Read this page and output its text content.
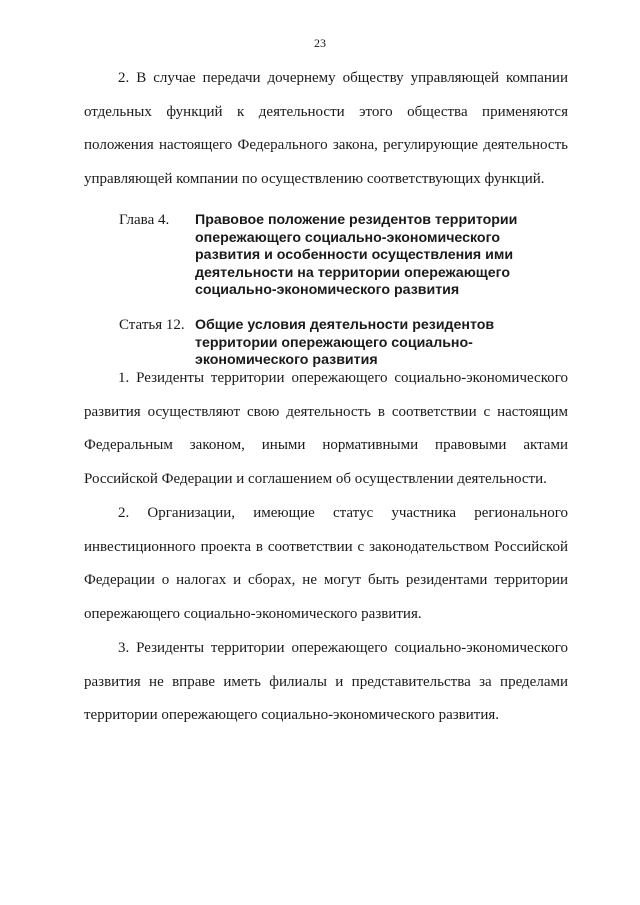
23

2. В случае передачи дочернему обществу управляющей компании отдельных функций к деятельности этого общества применяются положения настоящего Федерального закона, регулирующие деятельность управляющей компании по осуществлению соответствующих функций.

Глава 4.	Правовое положение резидентов территории опережающего социально-экономического развития и особенности осуществления ими деятельности на территории опережающего социально-экономического развития
Статья 12. Общие условия деятельности резидентов территории опережающего социально-экономического развития

1. Резиденты территории опережающего социально-экономического развития осуществляют свою деятельность в соответствии с настоящим Федеральным законом, иными нормативными правовыми актами Российской Федерации и соглашением об осуществлении деятельности.

2. Организации, имеющие статус участника регионального инвестиционного проекта в соответствии с законодательством Российской Федерации о налогах и сборах, не могут быть резидентами территории опережающего социально-экономического развития.

3. Резиденты территории опережающего социально-экономического развития не вправе иметь филиалы и представительства за пределами территории опережающего социально-экономического развития.
